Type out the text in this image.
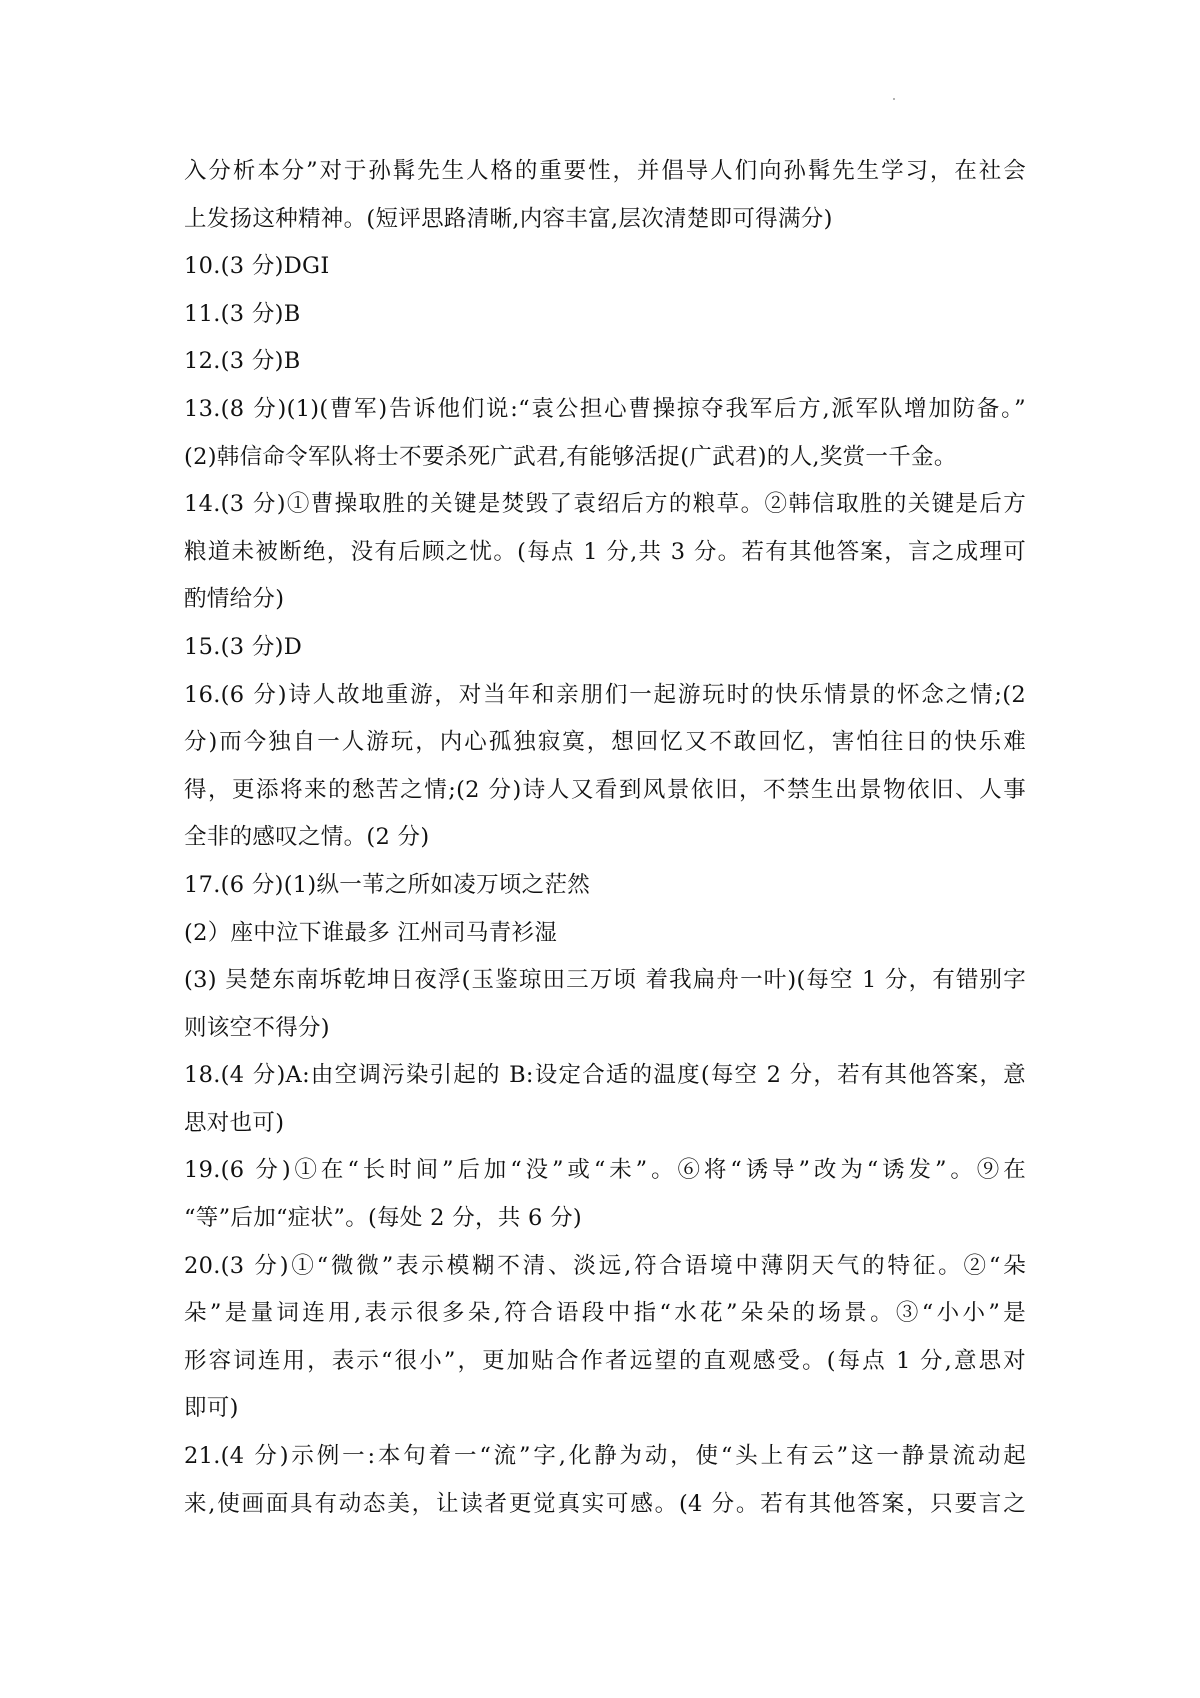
入分析本分”对于孙髯先生人格的重要性，并倡导人们向孙髯先生学习，在社会
上发扬这种精神。(短评思路清晰,内容丰富,层次清楚即可得满分)
10.(3 分)DGI
11.(3 分)B
12.(3 分)B
13.(8 分)(1)(曹军)告诉他们说:“袁公担心曹操掠夺我军后方,派军队增加防备。”
(2)韩信命令军队将士不要杀死广武君,有能够活捉(广武君)的人,奖赏一千金。
14.(3 分)①曹操取胜的关键是焚毁了袁绍后方的粮草。②韩信取胜的关键是后方
粮道未被断绝，没有后顾之忧。(每点 1 分,共 3 分。若有其他答案，言之成理可
酌情给分)
15.(3 分)D
16.(6 分)诗人故地重游，对当年和亲朋们一起游玩时的快乐情景的怀念之情;(2
分)而今独自一人游玩，内心孤独寂寞，想回忆又不敢回忆，害怕往日的快乐难
得，更添将来的愁苦之情;(2 分)诗人又看到风景依旧，不禁生出景物依旧、人事
全非的感叹之情。(2 分)
17.(6 分)(1)纵一苇之所如凌万顷之茫然
(2）座中泣下谁最多 江州司马青衫湿
(3) 吴楚东南坼乾坤日夜浮(玉鉴琼田三万顷 着我扁舟一叶)(每空 1 分，有错别字
则该空不得分)
18.(4 分)A:由空调污染引起的 B:设定合适的温度(每空 2 分，若有其他答案，意
思对也可)
19.(6 分)①在“长时间”后加“没”或“未”。⑥将“诱导”改为“诱发”。⑨在
“等”后加“症状”。(每处 2 分，共 6 分)
20.(3 分)①“微微”表示模糊不清、淡远,符合语境中薄阴天气的特征。②“朵
朵”是量词连用,表示很多朵,符合语段中指“水花”朵朵的场景。③“小小”是
形容词连用，表示“很小”，更加贴合作者远望的直观感受。(每点 1 分,意思对
即可)
21.(4 分)示例一:本句着一“流”字,化静为动，使“头上有云”这一静景流动起
来,使画面具有动态美，让读者更觉真实可感。(4 分。若有其他答案，只要言之
